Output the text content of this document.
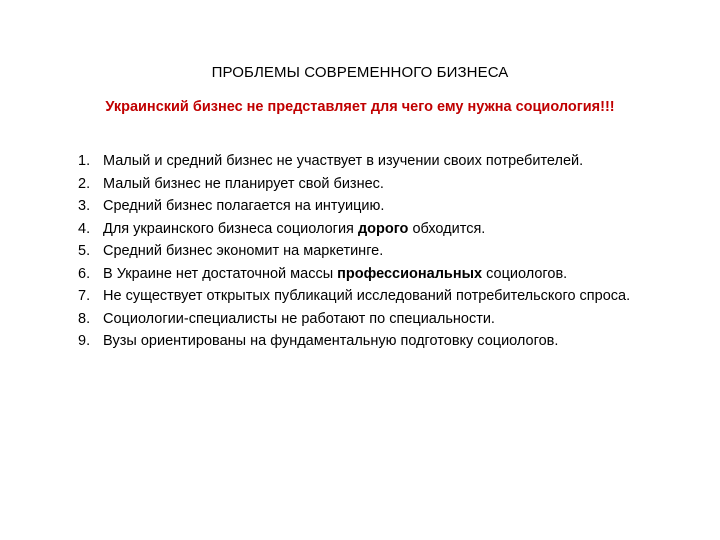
ПРОБЛЕМЫ СОВРЕМЕННОГО БИЗНЕСА
Украинский бизнес не представляет для чего ему нужна социология!!!
1. Малый и средний бизнес не участвует в изучении своих потребителей.
2. Малый бизнес не планирует свой бизнес.
3. Средний бизнес полагается на интуицию.
4. Для украинского бизнеса социология дорого обходится.
5. Средний бизнес экономит на маркетинге.
6. В Украине нет достаточной массы профессиональных социологов.
7. Не существует открытых публикаций исследований потребительского спроса.
8. Социологии-специалисты не работают по специальности.
9. Вузы ориентированы на фундаментальную подготовку социологов.
